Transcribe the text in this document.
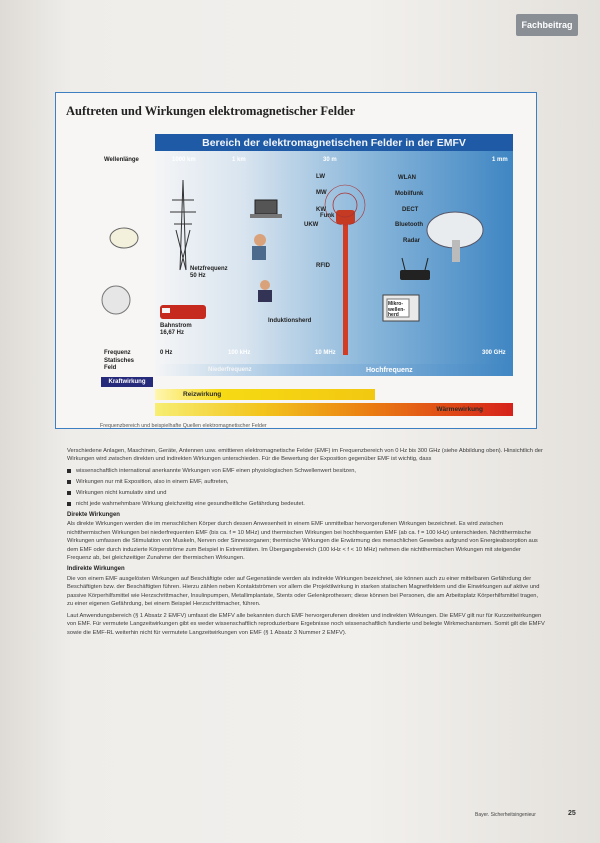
Fachbeitrag
Auftreten und Wirkungen elektromagnetischer Felder
Bereich der elektromagnetischen Felder in der EMFV
Wellenlänge	1000 km	1 km	30 m	1 mm
LW
MW
KW
UKW
WLAN
Mobilfunk
DECT
Bluetooth
Radar
Netzfrequenz
50 Hz
Bahnstrom
16,67 Hz
Mikro-
wellen-
herd
Funk
RFID
Induktionsherd
Frequenz
Statisches
Feld
0 Hz	100 kHz	10 MHz	300 GHz
Niederfrequenz	Hochfrequenz
Kraftwirkung
Reizwirkung
Wärmewirkung
Frequenzbereich und beispielhafte Quellen elektromagnetischer Felder

Verschiedene Anlagen, Maschinen, Geräte, Antennen usw. emittieren elektromagnetische Felder (EMF) im Frequenzbereich von 0 Hz bis 300 GHz (siehe Abbildung oben). Hinsichtlich der Wirkungen wird zwischen direkten und indirekten Wirkungen unterschieden. Für die Bewertung der Exposition gegenüber EMF ist wichtig, dass

wissenschaftlich international anerkannte Wirkungen von EMF einen physiologischen Schwellenwert besitzen,
Wirkungen nur mit Exposition, also in einem EMF, auftreten,
Wirkungen nicht kumulativ sind und
nicht jede wahrnehmbare Wirkung gleichzeitig eine gesundheitliche Gefährdung bedeutet.
Direkte Wirkungen

Als direkte Wirkungen werden die im menschlichen Körper durch dessen Anwesenheit in einem EMF unmittelbar hervorgerufenen Wirkungen bezeichnet. Es wird zwischen nichtthermischen Wirkungen bei niederfrequenten EMF (bis ca. f = 10 MHz) und thermischen Wirkungen bei hochfrequenten EMF (ab ca. f = 100 kHz) unterschieden. Nichtthermische Wirkungen umfassen die Stimulation von Muskeln, Nerven oder Sinnesorganen; thermische Wirkungen die Erwärmung des menschlichen Gewebes aufgrund von Energieabsorption aus dem EMF oder durch induzierte Körperströme zum Beispiel in Extremitäten. Im Übergangsbereich (100 kHz < f < 10 MHz) nehmen die nichtthermischen Wirkungen mit steigender Frequenz ab, bei gleichzeitiger Zunahme der thermischen Wirkungen.

Indirekte Wirkungen

Die von einem EMF ausgelösten Wirkungen auf Beschäftigte oder auf Gegenstände werden als indirekte Wirkungen bezeichnet, sie können auch zu einer mittelbaren Gefährdung der Beschäftigten bzw. der Beschäftigten führen. Hierzu zählen neben Kontaktströmen vor allem die Projektilwirkung in starken statischen Magnetfeldern und die Einwirkungen auf aktive und passive Körperhilfsmittel wie Herzschrittmacher, Insulinpumpen, Metallimplantate, Stents oder Gelenkprothesen; diese können bei Personen, die am Arbeitsplatz Körperhilfsmittel tragen, zu einer eigenen Gefährdung, bei einem Beispiel Herzschrittmacher, führen.

Laut Anwendungsbereich (§ 1 Absatz 2 EMFV) umfasst die EMFV alle bekannten durch EMF hervorgerufenen direkten und indirekten Wirkungen. Die EMFV gilt nur für Kurzzeitwirkungen von EMF. Für vermutete Langzeitwirkungen gibt es weder wissenschaftlich reproduzierbare Ergebnisse noch wissenschaftlich fundierte und belegte Wirkmechanismen. Somit gilt die EMFV sowie die EMF-RL weiterhin nicht für vermutete Langzeitwirkungen von EMF (§ 1 Absatz 3 Nummer 2 EMFV).

Bayer. Sicherheitsingenieur	25
